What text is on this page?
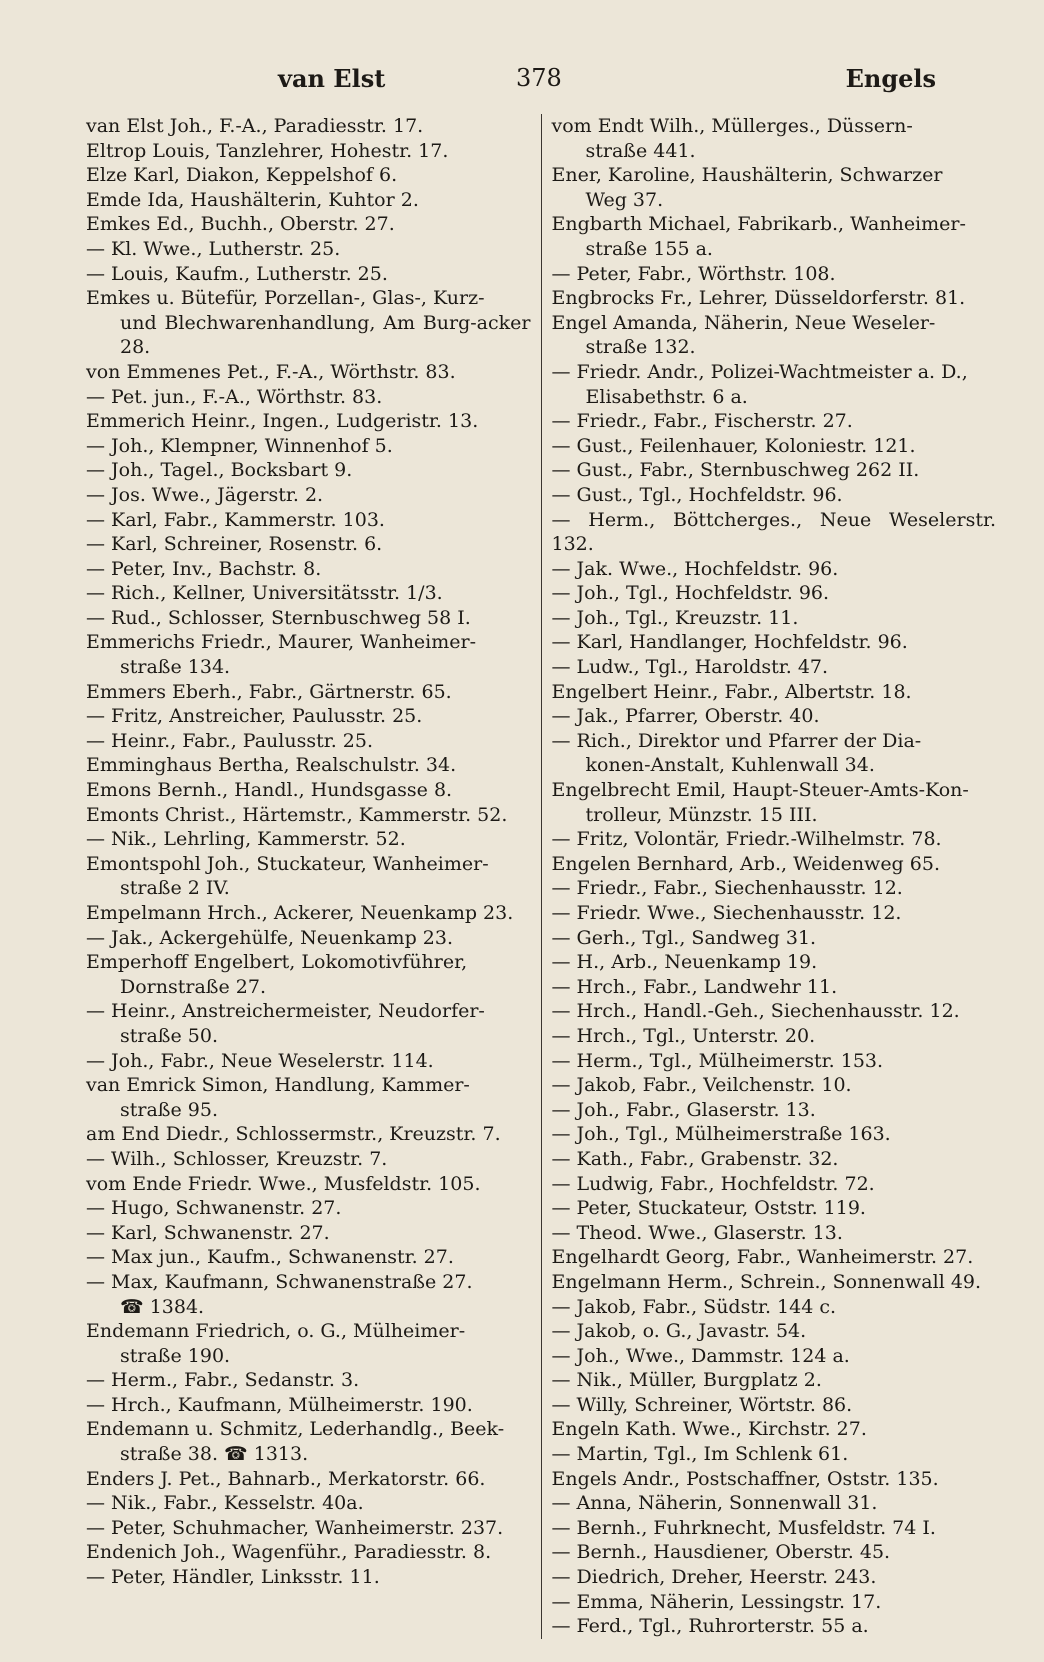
van Elst	378	Engels
van Elst Joh., F.-A., Paradiesstr. 17.
Eltrop Louis, Tanzlehrer, Hohestr. 17.
Elze Karl, Diakon, Keppelshof 6.
Emde Ida, Haushälterin, Kuhtor 2.
Emkes Ed., Buchh., Oberstr. 27.
— Kl. Wwe., Lutherstr. 25.
— Louis, Kaufm., Lutherstr. 25.
Emkes u. Bütefür, Porzellan-, Glas-, Kurz-
und Blechwarenhandlung, Am Burg-acker 28.
von Emmenes Pet., F.-A., Wörthstr. 83.
— Pet. jun., F.-A., Wörthstr. 83.
Emmerich Heinr., Ingen., Ludgeristr. 13.
— Joh., Klempner, Winnenhof 5.
— Joh., Tagel., Bocksbart 9.
— Jos. Wwe., Jägerstr. 2.
— Karl, Fabr., Kammerstr. 103.
— Karl, Schreiner, Rosenstr. 6.
— Peter, Inv., Bachstr. 8.
— Rich., Kellner, Universitätsstr. 1/3.
— Rud., Schlosser, Sternbuschweg 58 I.
Emmerichs Friedr., Maurer, Wanheimer-
straße 134.
Emmers Eberh., Fabr., Gärtnerstr. 65.
— Fritz, Anstreicher, Paulusstr. 25.
— Heinr., Fabr., Paulusstr. 25.
Emminghaus Bertha, Realschulstr. 34.
Emons Bernh., Handl., Hundsgasse 8.
Emonts Christ., Härtemstr., Kammerstr. 52.
— Nik., Lehrling, Kammerstr. 52.
Emontspohl Joh., Stuckateur, Wanheimer-
straße 2 IV.
Empelmann Hrch., Ackerer, Neuenkamp 23.
— Jak., Ackergehülfe, Neuenkamp 23.
Emperhoff Engelbert, Lokomotivführer,
Dornstraße 27.
— Heinr., Anstreichermeister, Neudorfer-
straße 50.
— Joh., Fabr., Neue Weselerstr. 114.
van Emrick Simon, Handlung, Kammer-
straße 95.
am End Diedr., Schlossermstr., Kreuzstr. 7.
— Wilh., Schlosser, Kreuzstr. 7.
vom Ende Friedr. Wwe., Musfeldstr. 105.
— Hugo, Schwanenstr. 27.
— Karl, Schwanenstr. 27.
— Max jun., Kaufm., Schwanenstr. 27.
— Max, Kaufmann, Schwanenstraße 27.
☎ 1384.
Endemann Friedrich, o. G., Mülheimer-
straße 190.
— Herm., Fabr., Sedanstr. 3.
— Hrch., Kaufmann, Mülheimerstr. 190.
Endemann u. Schmitz, Lederhandlg., Beek-
straße 38. ☎ 1313.
Enders J. Pet., Bahnarb., Merkatorstr. 66.
— Nik., Fabr., Kesselstr. 40a.
— Peter, Schuhmacher, Wanheimerstr. 237.
Endenich Joh., Wagenführ., Paradiesstr. 8.
— Peter, Händler, Linksstr. 11.
vom Endt Wilh., Müllerges., Düssern-
straße 441.
Ener, Karoline, Haushälterin, Schwarzer
Weg 37.
Engbarth Michael, Fabrikarb., Wanheimer-
straße 155 a.
— Peter, Fabr., Wörthstr. 108.
Engbrocks Fr., Lehrer, Düsseldorferstr. 81.
Engel Amanda, Näherin, Neue Weseler-
straße 132.
— Friedr. Andr., Polizei-Wachtmeister a. D.,
Elisabethstr. 6 a.
— Friedr., Fabr., Fischerstr. 27.
— Gust., Feilenhauer, Koloniestr. 121.
— Gust., Fabr., Sternbuschweg 262 II.
— Gust., Tgl., Hochfeldstr. 96.
— Herm., Böttcherges., Neue Weselerstr. 132.
— Jak. Wwe., Hochfeldstr. 96.
— Joh., Tgl., Hochfeldstr. 96.
— Joh., Tgl., Kreuzstr. 11.
— Karl, Handlanger, Hochfeldstr. 96.
— Ludw., Tgl., Haroldstr. 47.
Engelbert Heinr., Fabr., Albertstr. 18.
— Jak., Pfarrer, Oberstr. 40.
— Rich., Direktor und Pfarrer der Dia-
konen-Anstalt, Kuhlenwall 34.
Engelbrecht Emil, Haupt-Steuer-Amts-Kon-
trolleur, Münzstr. 15 III.
— Fritz, Volontär, Friedr.-Wilhelmstr. 78.
Engelen Bernhard, Arb., Weidenweg 65.
— Friedr., Fabr., Siechenhausstr. 12.
— Friedr. Wwe., Siechenhausstr. 12.
— Gerh., Tgl., Sandweg 31.
— H., Arb., Neuenkamp 19.
— Hrch., Fabr., Landwehr 11.
— Hrch., Handl.-Geh., Siechenhausstr. 12.
— Hrch., Tgl., Unterstr. 20.
— Herm., Tgl., Mülheimerstr. 153.
— Jakob, Fabr., Veilchenstr. 10.
— Joh., Fabr., Glaserstr. 13.
— Joh., Tgl., Mülheimerstraße 163.
— Kath., Fabr., Grabenstr. 32.
— Ludwig, Fabr., Hochfeldstr. 72.
— Peter, Stuckateur, Oststr. 119.
— Theod. Wwe., Glaserstr. 13.
Engelhardt Georg, Fabr., Wanheimerstr. 27.
Engelmann Herm., Schrein., Sonnenwall 49.
— Jakob, Fabr., Südstr. 144 c.
— Jakob, o. G., Javastr. 54.
— Joh., Wwe., Dammstr. 124 a.
— Nik., Müller, Burgplatz 2.
— Willy, Schreiner, Wörtstr. 86.
Engeln Kath. Wwe., Kirchstr. 27.
— Martin, Tgl., Im Schlenk 61.
Engels Andr., Postschaffner, Oststr. 135.
— Anna, Näherin, Sonnenwall 31.
— Bernh., Fuhrknecht, Musfeldstr. 74 I.
— Bernh., Hausdiener, Oberstr. 45.
— Diedrich, Dreher, Heerstr. 243.
— Emma, Näherin, Lessingstr. 17.
— Ferd., Tgl., Ruhrorterstr. 55 a.
